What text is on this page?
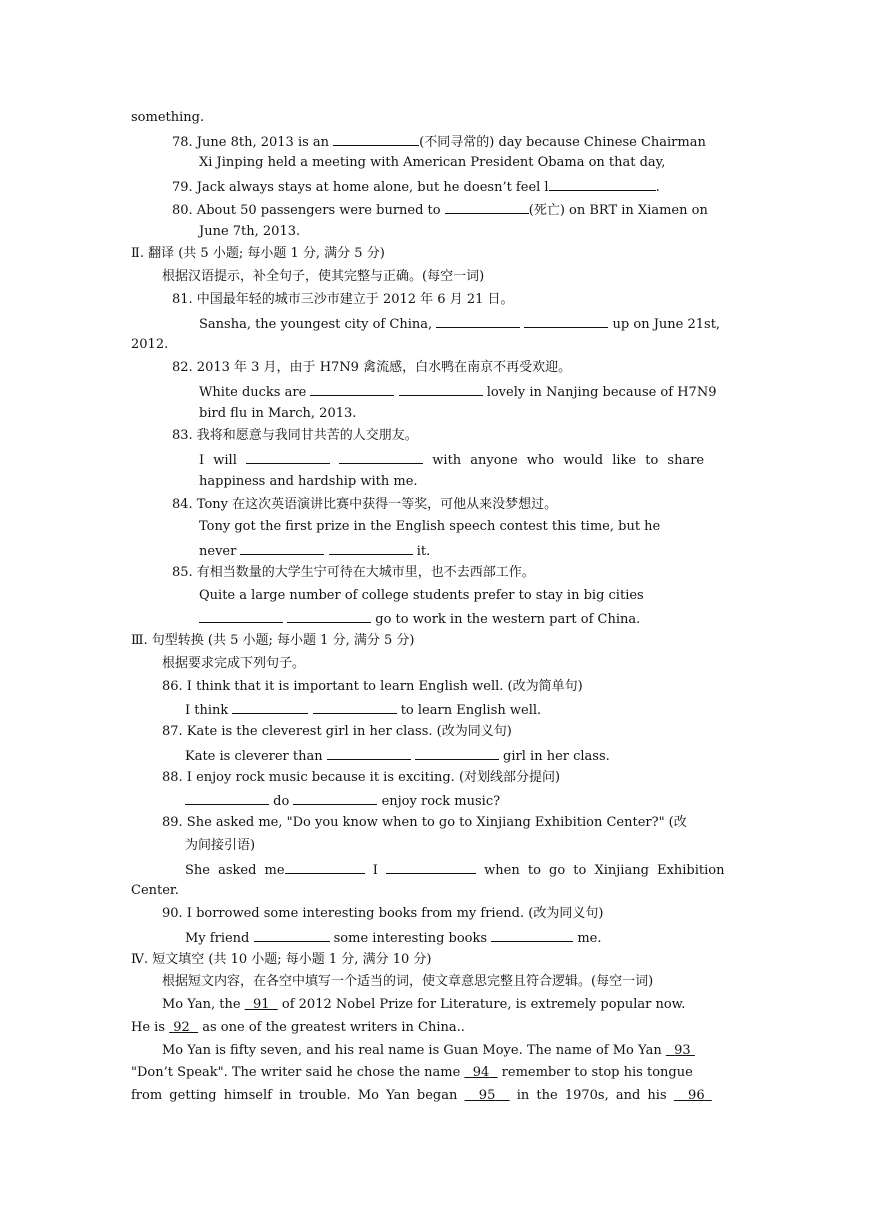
something.
78. June 8th, 2013 is an	(不同寻常的) day because Chinese Chairman
Xi Jinping held a meeting with American President Obama on that day,
79. Jack always stays at home alone, but he doesn’t feel l	.
80. About 50 passengers were burned to	(死亡) on BRT in Xiamen on
June 7th, 2013.
Ⅱ. 翻译 (共 5 小题; 每小题 1 分, 满分 5 分)
根据汉语提示，补全句子，使其完整与正确。(每空一词)
81. 中国最年轻的城市三沙市建立于 2012 年 6 月 21 日。
Sansha, the youngest city of China,	up on June 21st,
2012.
82. 2013 年 3 月，由于 H7N9 禽流感，白水鸭在南京不再受欢迎。
White ducks are	lovely in Nanjing because of H7N9
bird flu in March, 2013.
83. 我将和愿意与我同甘共苦的人交朋友。
I will	with anyone who would like to share
happiness and hardship with me.
84. Tony 在这次英语演讲比赛中获得一等奖，可他从来没梦想过。
Tony got the first prize in the English speech contest this time, but he
never	it.
85. 有相当数量的大学生宁可待在大城市里，也不去西部工作。
Quite a large number of college students prefer to stay in big cities
go to work in the western part of China.
Ⅲ. 句型转换 (共 5 小题; 每小题 1 分, 满分 5 分)
根据要求完成下列句子。
86. I think that it is important to learn English well. (改为简单句)
I think	to learn English well.
87. Kate is the cleverest girl in her class. (改为同义句)
Kate is cleverer than	girl in her class.
88. I enjoy rock music because it is exciting. (对划线部分提问)
do	enjoy rock music?
89. She asked me, "Do you know when to go to Xinjiang Exhibition Center?" (改
为间接引语)
She asked me	I	when to go to Xinjiang Exhibition
Center.
90. I borrowed some interesting books from my friend. (改为同义句)
My friend	some interesting books	me.
Ⅳ. 短文填空 (共 10 小题; 每小题 1 分, 满分 10 分)
根据短文内容，在各空中填写一个适当的词，使文章意思完整且符合逻辑。(每空一词)
Mo Yan, the 91 of 2012 Nobel Prize for Literature, is extremely popular now.
He is 92 as one of the greatest writers in China..
Mo Yan is fifty seven, and his real name is Guan Moye. The name of Mo Yan 93
"Don’t Speak". The writer said he chose the name 94 remember to stop his tongue
from getting himself in trouble. Mo Yan began 95 in the 1970s, and his 96
